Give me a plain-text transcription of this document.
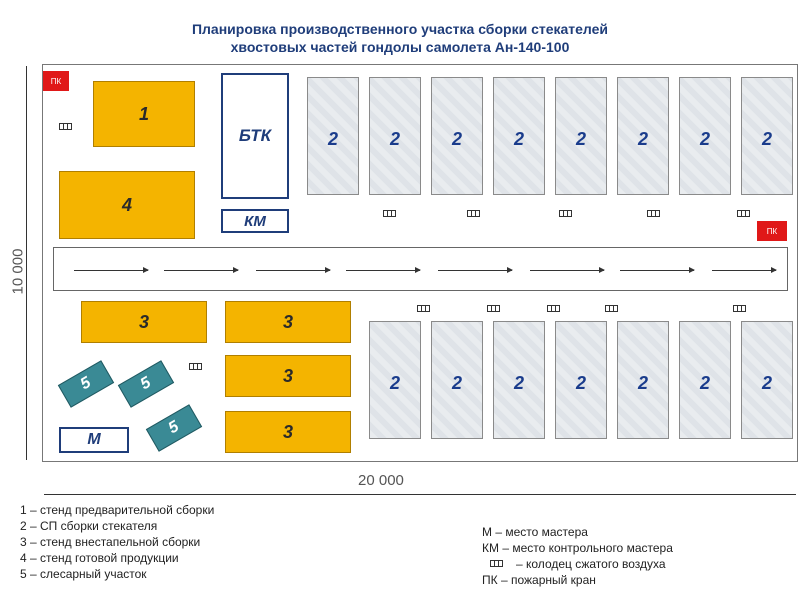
Планировка производственного участка сборки стекателей
хвостовых частей гондолы самолета Ан-140-100
10 000
20 000
ПК
1
4
БТК
КМ
2	2	2	2	2	2	2	2
ПК
3	3
3
3
5	5
5
М
2	2	2	2	2	2	2
1 – стенд предварительной сборки
2 – СП сборки стекателя
3 – стенд внестапельной сборки
4 – стенд готовой продукции
5 – слесарный участок
М – место мастера
КМ – место контрольного мастера
– колодец сжатого воздуха
ПК – пожарный кран
